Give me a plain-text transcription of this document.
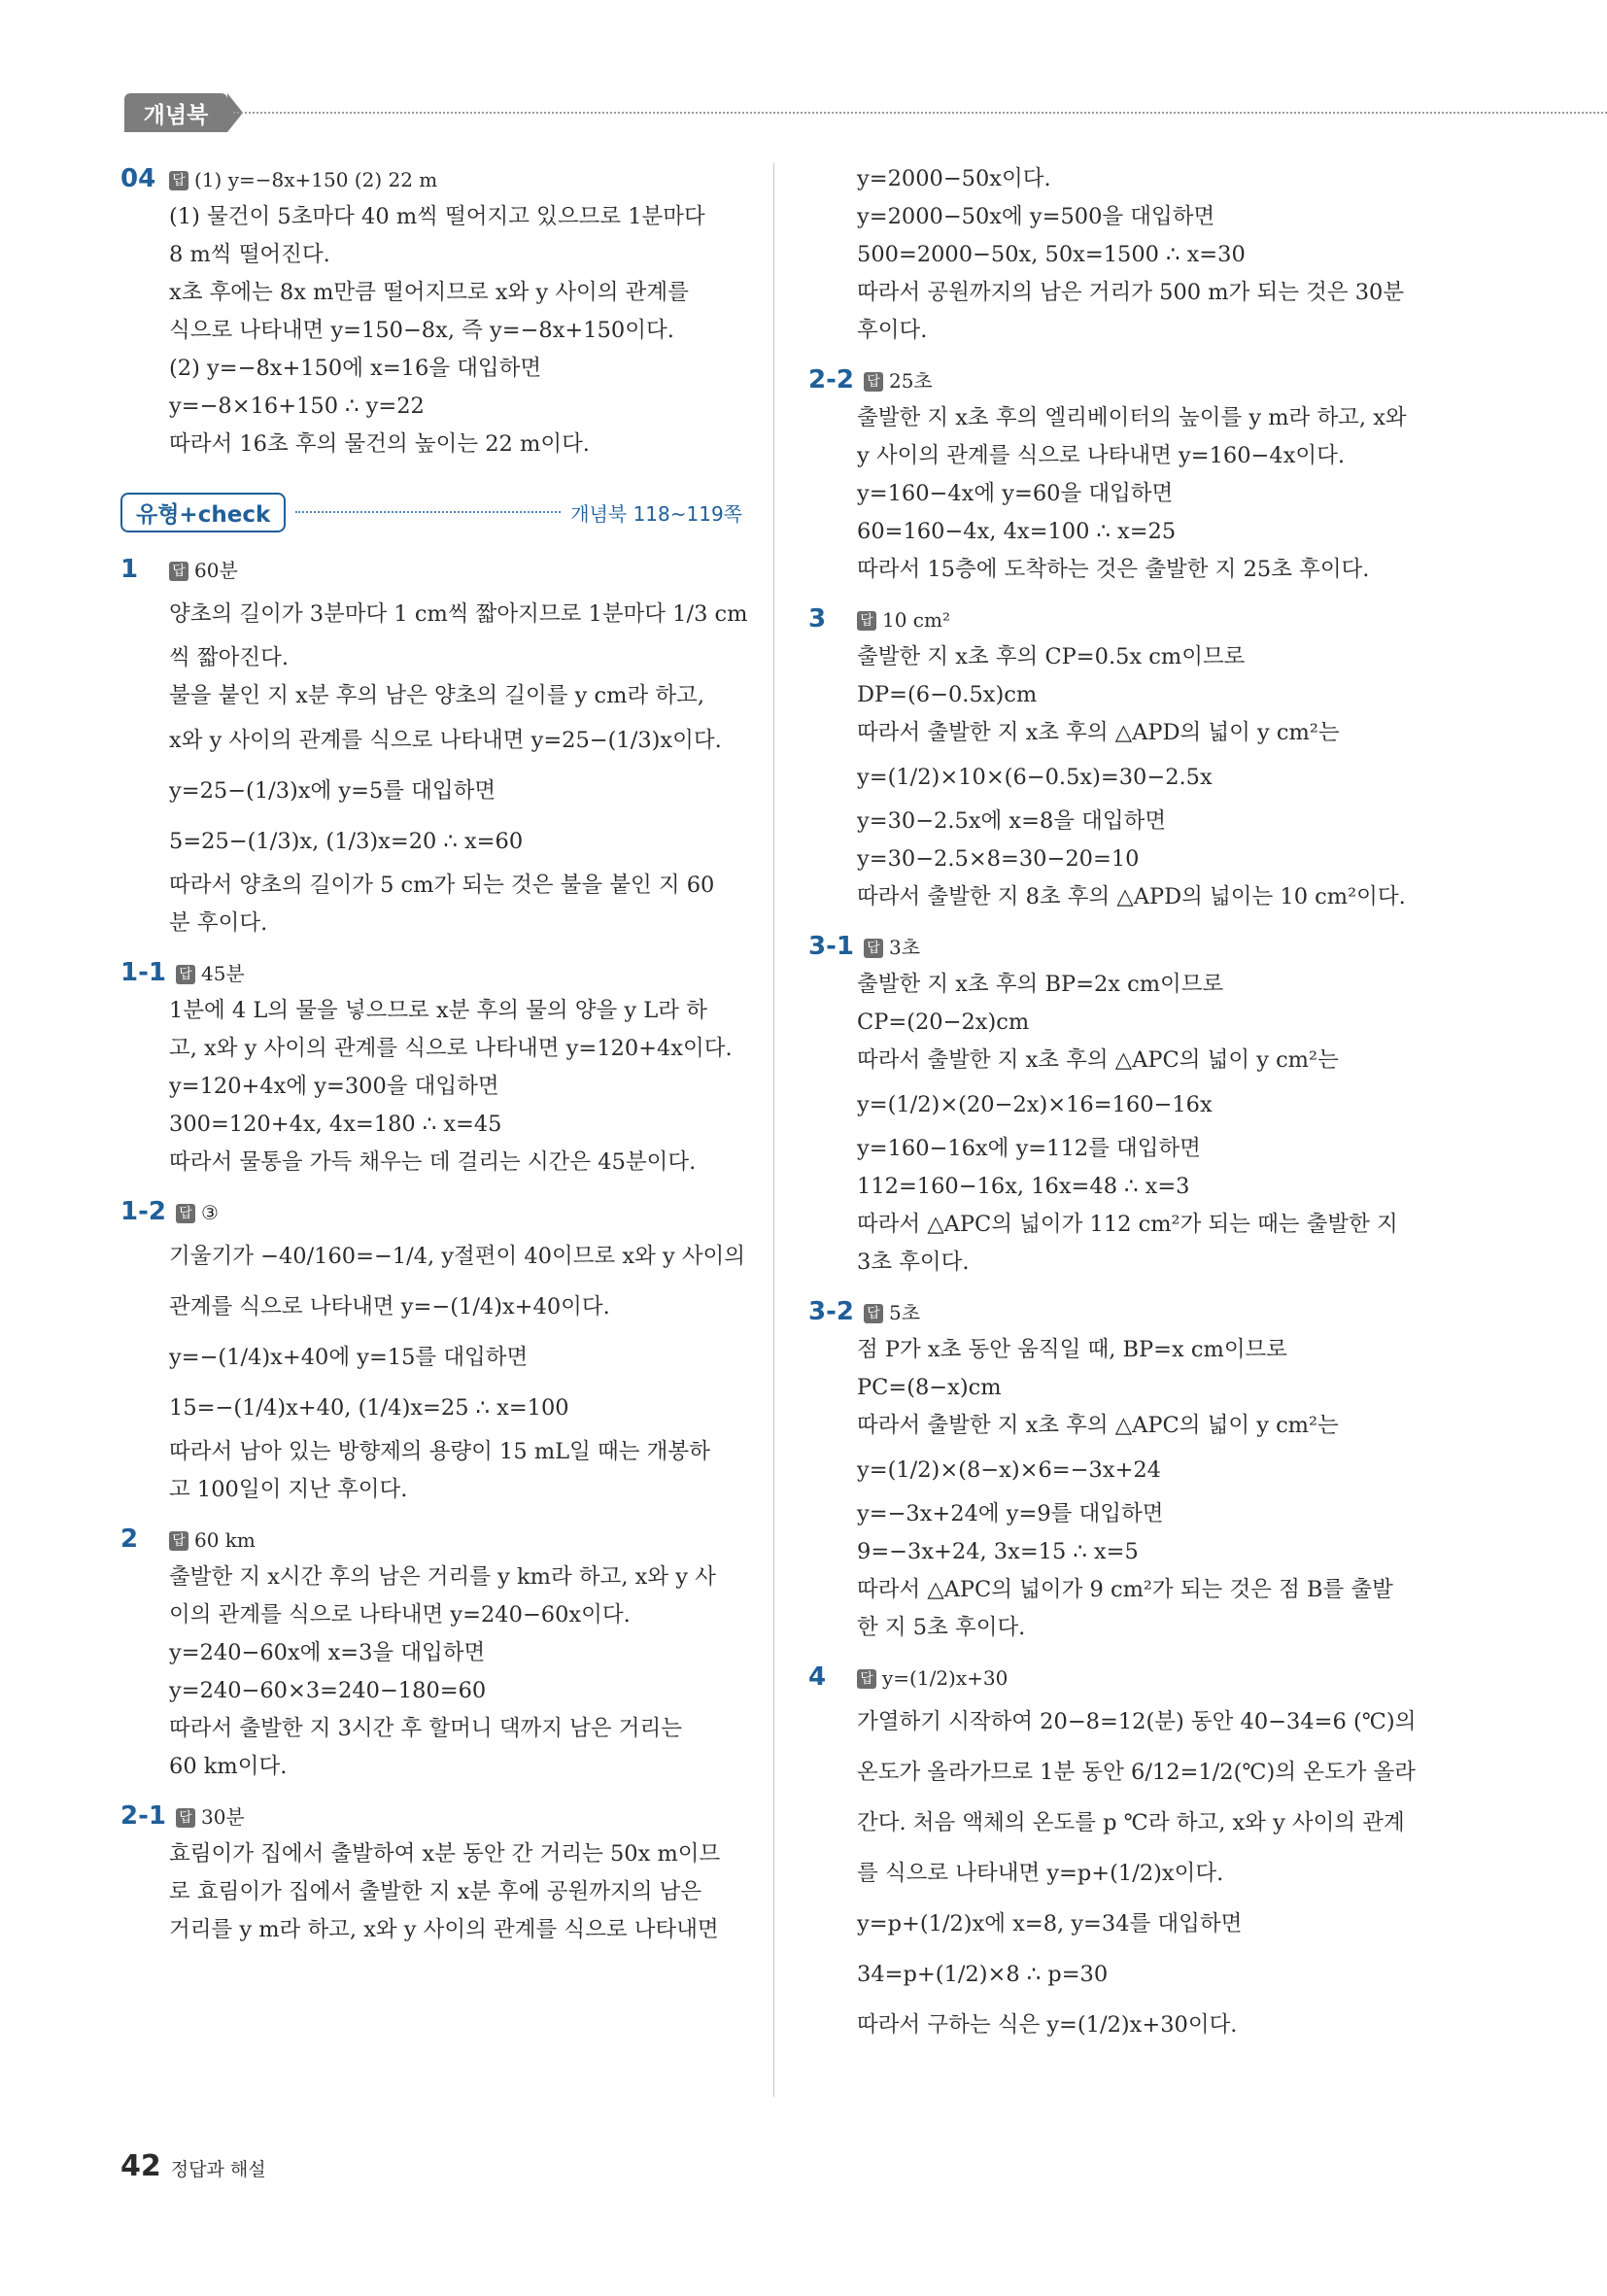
개념북
04 답 (1) y=−8x+150 (2) 22 m
(1) 물건이 5초마다 40 m씩 떨어지고 있으므로 1분마다
8 m씩 떨어진다.
x초 후에는 8x m만큼 떨어지므로 x와 y 사이의 관계를
식으로 나타내면 y=150−8x, 즉 y=−8x+150이다.
(2) y=−8x+150에 x=16을 대입하면
y=−8×16+150 ∴ y=22
따라서 16초 후의 물건의 높이는 22 m이다.
유형+check	개념북 118~119쪽
1	답 60분
양초의 길이가 3분마다 1 cm씩 짧아지므로 1분마다 1/3 cm
씩 짧아진다.
불을 붙인 지 x분 후의 남은 양초의 길이를 y cm라 하고,
x와 y 사이의 관계를 식으로 나타내면 y=25−(1/3)x이다.
y=25−(1/3)x에 y=5를 대입하면
5=25−(1/3)x, (1/3)x=20 ∴ x=60
따라서 양초의 길이가 5 cm가 되는 것은 불을 붙인 지 60
분 후이다.
1-1 답 45분
1분에 4 L의 물을 넣으므로 x분 후의 물의 양을 y L라 하
고, x와 y 사이의 관계를 식으로 나타내면 y=120+4x이다.
y=120+4x에 y=300을 대입하면
300=120+4x, 4x=180 ∴ x=45
따라서 물통을 가득 채우는 데 걸리는 시간은 45분이다.
1-2 답 ③
기울기가 −40/160=−1/4, y절편이 40이므로 x와 y 사이의
관계를 식으로 나타내면 y=−(1/4)x+40이다.
y=−(1/4)x+40에 y=15를 대입하면
15=−(1/4)x+40, (1/4)x=25 ∴ x=100
따라서 남아 있는 방향제의 용량이 15 mL일 때는 개봉하
고 100일이 지난 후이다.
2	답 60 km
출발한 지 x시간 후의 남은 거리를 y km라 하고, x와 y 사
이의 관계를 식으로 나타내면 y=240−60x이다.
y=240−60x에 x=3을 대입하면
y=240−60×3=240−180=60
따라서 출발한 지 3시간 후 할머니 댁까지 남은 거리는
60 km이다.
2-1 답 30분
효림이가 집에서 출발하여 x분 동안 간 거리는 50x m이므
로 효림이가 집에서 출발한 지 x분 후에 공원까지의 남은
거리를 y m라 하고, x와 y 사이의 관계를 식으로 나타내면
y=2000−50x이다.
y=2000−50x에 y=500을 대입하면
500=2000−50x, 50x=1500 ∴ x=30
따라서 공원까지의 남은 거리가 500 m가 되는 것은 30분
후이다.
2-2 답 25초
출발한 지 x초 후의 엘리베이터의 높이를 y m라 하고, x와
y 사이의 관계를 식으로 나타내면 y=160−4x이다.
y=160−4x에 y=60을 대입하면
60=160−4x, 4x=100 ∴ x=25
따라서 15층에 도착하는 것은 출발한 지 25초 후이다.
3	답 10 cm²
출발한 지 x초 후의 CP=0.5x cm이므로
DP=(6−0.5x)cm
따라서 출발한 지 x초 후의 △APD의 넓이 y cm²는
y=(1/2)×10×(6−0.5x)=30−2.5x
y=30−2.5x에 x=8을 대입하면
y=30−2.5×8=30−20=10
따라서 출발한 지 8초 후의 △APD의 넓이는 10 cm²이다.
3-1 답 3초
출발한 지 x초 후의 BP=2x cm이므로
CP=(20−2x)cm
따라서 출발한 지 x초 후의 △APC의 넓이 y cm²는
y=(1/2)×(20−2x)×16=160−16x
y=160−16x에 y=112를 대입하면
112=160−16x, 16x=48 ∴ x=3
따라서 △APC의 넓이가 112 cm²가 되는 때는 출발한 지
3초 후이다.
3-2 답 5초
점 P가 x초 동안 움직일 때, BP=x cm이므로
PC=(8−x)cm
따라서 출발한 지 x초 후의 △APC의 넓이 y cm²는
y=(1/2)×(8−x)×6=−3x+24
y=−3x+24에 y=9를 대입하면
9=−3x+24, 3x=15 ∴ x=5
따라서 △APC의 넓이가 9 cm²가 되는 것은 점 B를 출발
한 지 5초 후이다.
4	답 y=(1/2)x+30
가열하기 시작하여 20−8=12(분) 동안 40−34=6 (℃)의
온도가 올라가므로 1분 동안 6/12=1/2(℃)의 온도가 올라
간다. 처음 액체의 온도를 p ℃라 하고, x와 y 사이의 관계
를 식으로 나타내면 y=p+(1/2)x이다.
y=p+(1/2)x에 x=8, y=34를 대입하면
34=p+(1/2)×8 ∴ p=30
따라서 구하는 식은 y=(1/2)x+30이다.
42 정답과 해설
